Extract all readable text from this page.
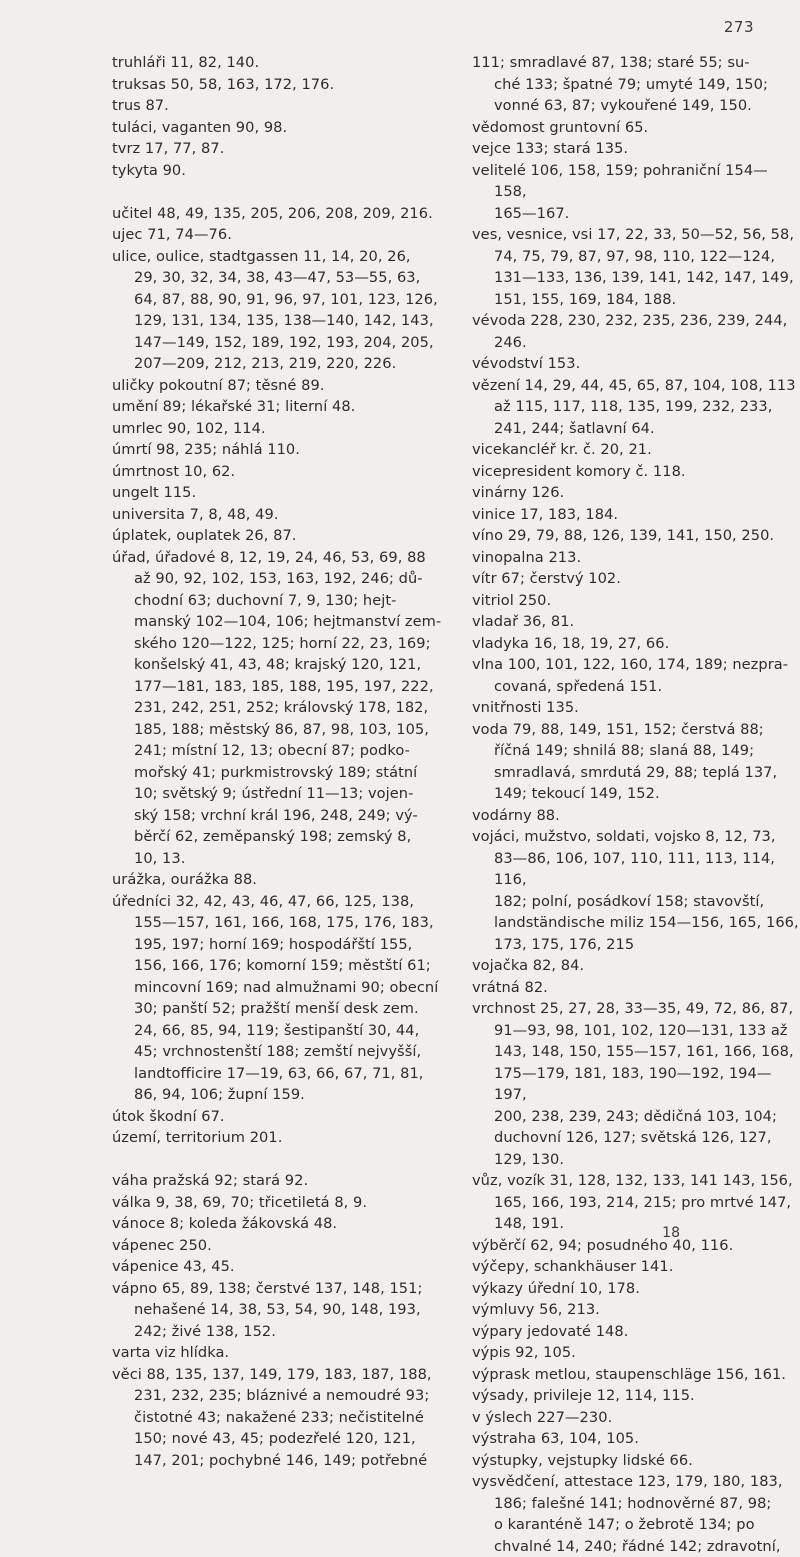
273

truhláři 11, 82, 140.

truksas 50, 58, 163, 172, 176.

trus 87.

tuláci, vaganten 90, 98.

tvrz 17, 77, 87.

tykyta 90.

učitel 48, 49, 135, 205, 206, 208, 209, 216.

ujec 71, 74—76.

ulice, oulice, stadtgassen 11, 14, 20, 26,
29, 30, 32, 34, 38, 43—47, 53—55, 63,
64, 87, 88, 90, 91, 96, 97, 101, 123, 126,
129, 131, 134, 135, 138—140, 142, 143,
147—149, 152, 189, 192, 193, 204, 205,
207—209, 212, 213, 219, 220, 226.

uličky pokoutní 87; těsné 89.

umění 89; lékařské 31; literní 48.

umrlec 90, 102, 114.

úmrtí 98, 235; náhlá 110.

úmrtnost 10, 62.

ungelt 115.

universita 7, 8, 48, 49.

úplatek, ouplatek 26, 87.

úřad, úřadové 8, 12, 19, 24, 46, 53, 69, 88
až 90, 92, 102, 153, 163, 192, 246; dů-
chodní 63; duchovní 7, 9, 130; hejt-
manský 102—104, 106; hejtmanství zem-
ského 120—122, 125; horní 22, 23, 169;
konšelský 41, 43, 48; krajský 120, 121,
177—181, 183, 185, 188, 195, 197, 222,
231, 242, 251, 252; královský 178, 182,
185, 188; městský 86, 87, 98, 103, 105,
241; místní 12, 13; obecní 87; podko-
mořský 41; purkmistrovský 189; státní
10; světský 9; ústřední 11—13; vojen-
ský 158; vrchní král 196, 248, 249; vý-
běrčí 62, zeměpanský 198; zemský 8,
10, 13.

urážka, ourážka 88.

úředníci 32, 42, 43, 46, 47, 66, 125, 138,
155—157, 161, 166, 168, 175, 176, 183,
195, 197; horní 169; hospodářští 155,
156, 166, 176; komorní 159; městští 61;
mincovní 169; nad almužnami 90; obecní
30; panští 52; pražští menší desk zem.
24, 66, 85, 94, 119; šestipanští 30, 44,
45; vrchnostenští 188; zemští nejvyšší,
landtofficire 17—19, 63, 66, 67, 71, 81,
86, 94, 106; župní 159.

útok škodní 67.

území, territorium 201.

váha pražská 92; stará 92.

válka 9, 38, 69, 70; třicetiletá 8, 9.

vánoce 8; koleda žákovská 48.

vápenec 250.

vápenice 43, 45.

vápno 65, 89, 138; čerstvé 137, 148, 151;
nehašené 14, 38, 53, 54, 90, 148, 193,
242; živé 138, 152.

varta viz hlídka.

věci 88, 135, 137, 149, 179, 183, 187, 188,
231, 232, 235; bláznivé a nemoudré 93;
čistotné 43; nakažené 233; nečistitelné
150; nové 43, 45; podezřelé 120, 121,
147, 201; pochybné 146, 149; potřebné

111; smradlavé 87, 138; staré 55; su-
ché 133; špatné 79; umyté 149, 150;
vonné 63, 87; vykouřené 149, 150.

vědomost gruntovní 65.

vejce 133; stará 135.

velitelé 106, 158, 159; pohraniční 154—158,
165—167.

ves, vesnice, vsi 17, 22, 33, 50—52, 56, 58,
74, 75, 79, 87, 97, 98, 110, 122—124,
131—133, 136, 139, 141, 142, 147, 149,
151, 155, 169, 184, 188.

vévoda 228, 230, 232, 235, 236, 239, 244, 246.

vévodství 153.

vězení 14, 29, 44, 45, 65, 87, 104, 108, 113
až 115, 117, 118, 135, 199, 232, 233,
241, 244; šatlavní 64.

vicekancléř kr. č. 20, 21.

vicepresident komory č. 118.

vinárny 126.

vinice 17, 183, 184.

víno 29, 79, 88, 126, 139, 141, 150, 250.

vinopalna 213.

vítr 67; čerstvý 102.

vitriol 250.

vladař 36, 81.

vladyka 16, 18, 19, 27, 66.

vlna 100, 101, 122, 160, 174, 189; nezpra-
covaná, spředená 151.

vnitřnosti 135.

voda 79, 88, 149, 151, 152; čerstvá 88;
říčná 149; shnilá 88; slaná 88, 149;
smradlavá, smrdutá 29, 88; teplá 137,
149; tekoucí 149, 152.

vodárny 88.

vojáci, mužstvo, soldati, vojsko 8, 12, 73,
83—86, 106, 107, 110, 111, 113, 114, 116,
182; polní, posádkoví 158; stavovští,
landständische miliz 154—156, 165, 166,
173, 175, 176, 215

vojačka 82, 84.

vrátná 82.

vrchnost 25, 27, 28, 33—35, 49, 72, 86, 87,
91—93, 98, 101, 102, 120—131, 133 až
143, 148, 150, 155—157, 161, 166, 168,
175—179, 181, 183, 190—192, 194—197,
200, 238, 239, 243; dědičná 103, 104;
duchovní 126, 127; světská 126, 127,
129, 130.

vůz, vozík 31, 128, 132, 133, 141 143, 156,
165, 166, 193, 214, 215; pro mrtvé 147,
148, 191.

výběrčí 62, 94; posudného 40, 116.

výčepy, schankhäuser 141.

výkazy úřední 10, 178.

výmluvy 56, 213.

výpary jedovaté 148.

výpis 92, 105.

výprask metlou, staupenschläge 156, 161.

výsady, privileje 12, 114, 115.

v ýslech 227—230.

výstraha 63, 104, 105.

výstupky, vejstupky lidské 66.

vysvědčení, attestace 123, 179, 180, 183,
186; falešné 141; hodnověrné 87, 98;
o karanténě 147; o žebrotě 134; po
chvalné 14, 240; řádné 142; zdravotní,

18
